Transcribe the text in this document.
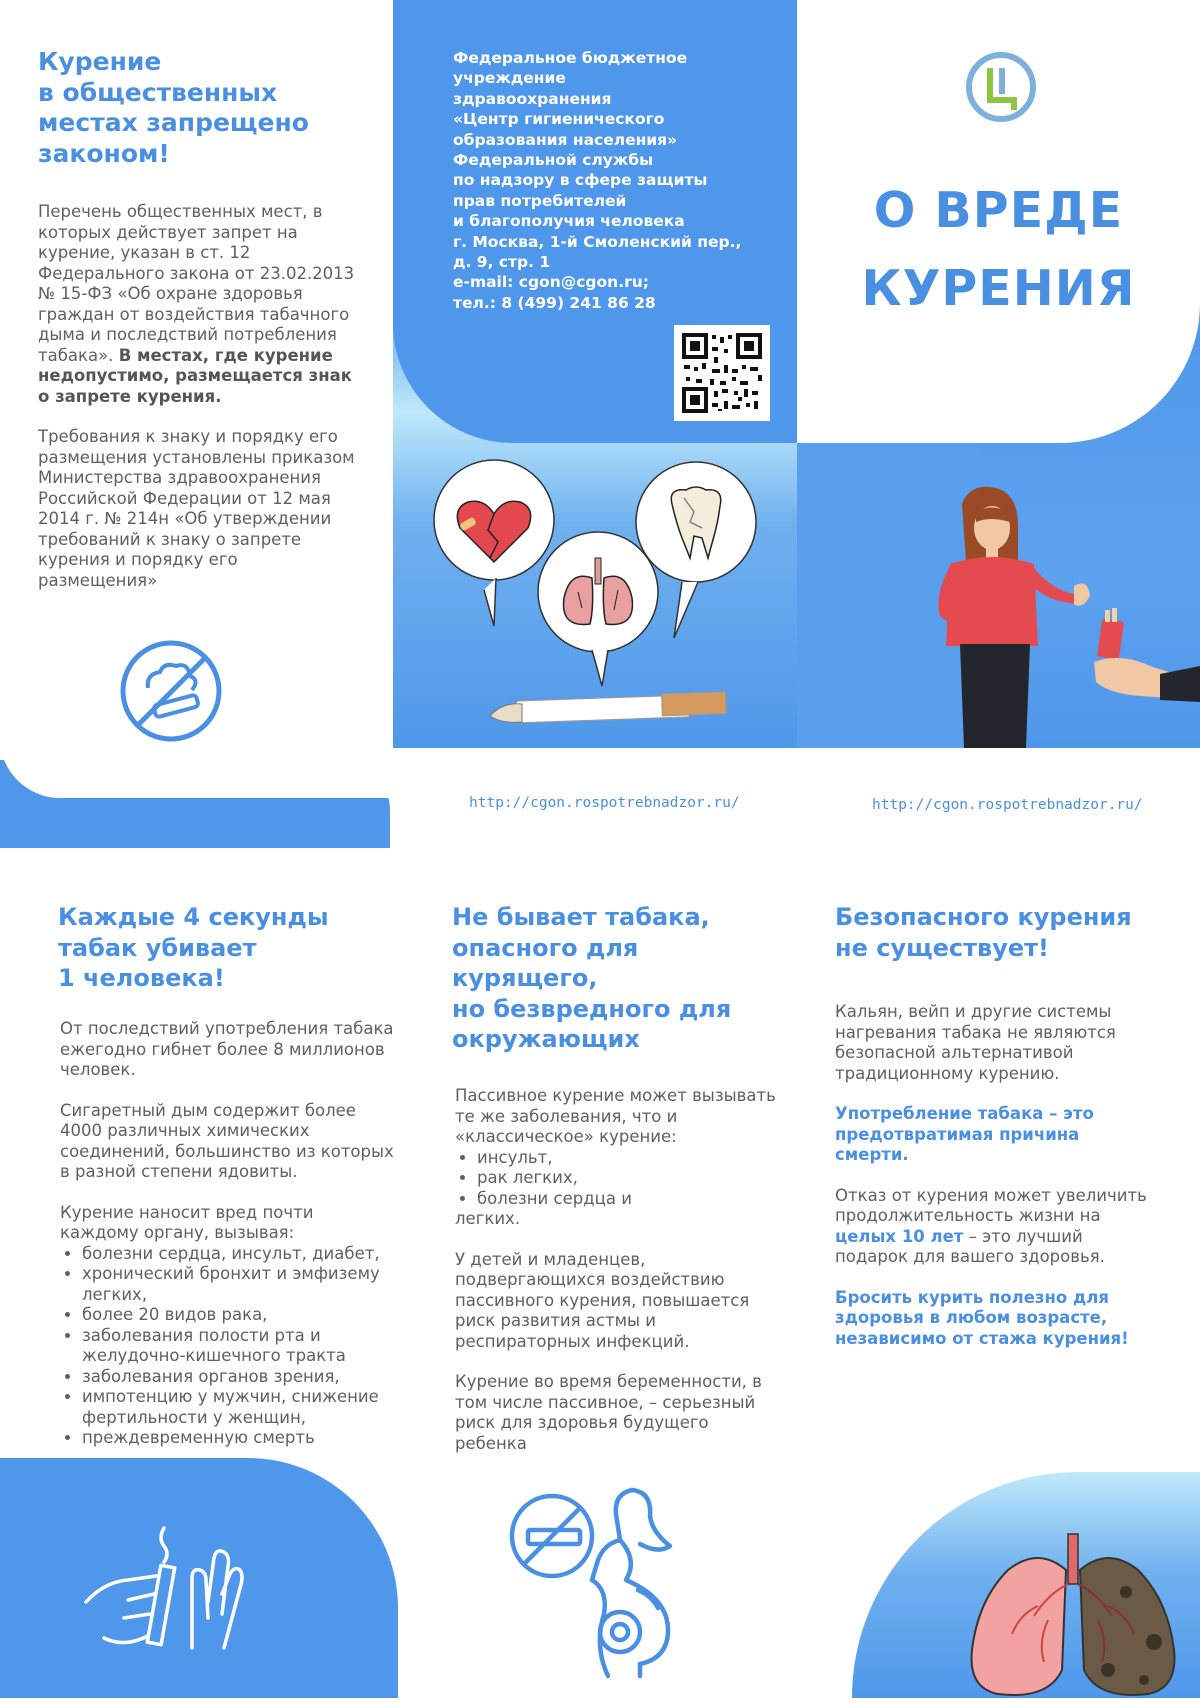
Курение
в общественных
местах запрещено
законом!

Перечень общественных мест, в которых действует запрет на курение, указан в ст. 12 Федерального закона от 23.02.2013 № 15-ФЗ «Об охране здоровья граждан от воздействия табачного дыма и последствий потребления табака». В местах, где курение недопустимо, размещается знак о запрете курения.

Требования к знаку и порядку его размещения установлены приказом Министерства здравоохранения Российской Федерации от 12 мая 2014 г. № 214н «Об утверждении требований к знаку о запрете курения и порядку его размещения»

Федеральное бюджетное
учреждение
здравоохранения
«Центр гигиенического
образования населения»
Федеральной службы
по надзору в сфере защиты
прав потребителей
и благополучия человека
г. Москва, 1-й Смоленский пер.,
д. 9, стр. 1
e-mail: cgon@cgon.ru;
тел.: 8 (499) 241 86 28
О ВРЕДЕ
КУРЕНИЯ
http://cgon.rospotrebnadzor.ru/	http://cgon.rospotrebnadzor.ru/
Каждые 4 секунды
табак убивает
1 человека!

От последствий употребления табака ежегодно гибнет более 8 миллионов человек.

Сигаретный дым содержит более 4000 различных химических соединений, большинство из которых в разной степени ядовиты.

Курение наносит вред почти каждому органу, вызывая:

• болезни сердца, инсульт, диабет,
• хронический бронхит и эмфизему легких,
• более 20 видов рака,
• заболевания полости рта и желудочно-кишечного тракта
• заболевания органов зрения,
• импотенцию у мужчин, снижение фертильности у женщин,
• преждевременную смерть
Не бывает табака,
опасного для
курящего,
но безвредного для
окружающих

Пассивное курение может вызывать те же заболевания, что и «классическое» курение:

• инсульт,
• рак легких,
• болезни сердца и

легких.

У детей и младенцев, подвергающихся воздействию пассивного курения, повышается риск развития астмы и респираторных инфекций.

Курение во время беременности, в том числе пассивное, – серьезный риск для здоровья будущего ребенка

Безопасного курения
не существует!

Кальян, вейп и другие системы нагревания табака не являются безопасной альтернативой традиционному курению.

Употребление табака – это предотвратимая причина смерти.

Отказ от курения может увеличить продолжительность жизни на целых 10 лет – это лучший подарок для вашего здоровья.

Бросить курить полезно для здоровья в любом возрасте, независимо от стажа курения!
